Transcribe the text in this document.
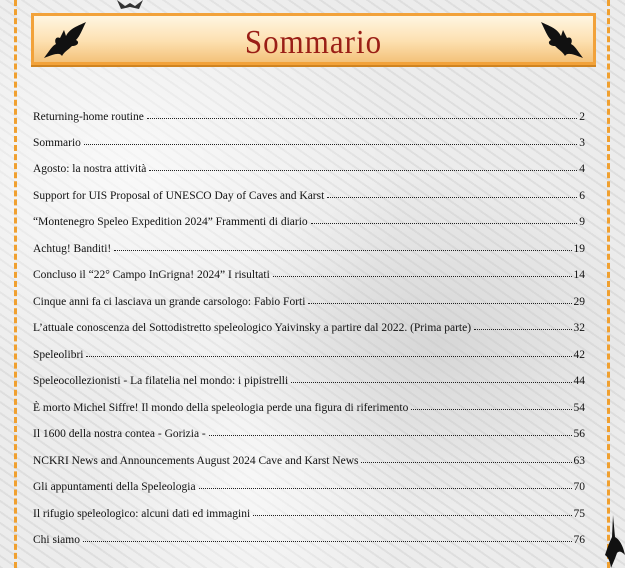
Sommario
Returning-home routine	2
Sommario	3
Agosto: la nostra attività	4
Support for UIS Proposal of UNESCO Day of Caves and Karst	6
“Montenegro Speleo Expedition 2024” Frammenti di diario	9
Achtug! Banditi!	19
Concluso il “22° Campo InGrigna! 2024” I risultati	14
Cinque anni fa ci lasciava un grande carsologo: Fabio Forti	29
L’attuale conoscenza del Sottodistretto speleologico Yaivinsky a partire dal 2022. (Prima parte)	32
Speleolibri	42
Speleocollezionisti - La filatelia nel mondo: i pipistrelli	44
È morto Michel Siffre! Il mondo della speleologia perde una figura di riferimento	54
Il 1600 della nostra contea - Gorizia -	56
NCKRI News and Announcements August 2024 Cave and Karst News	63
Gli appuntamenti della Speleologia	70
Il rifugio speleologico: alcuni dati ed immagini	75
Chi siamo	76
